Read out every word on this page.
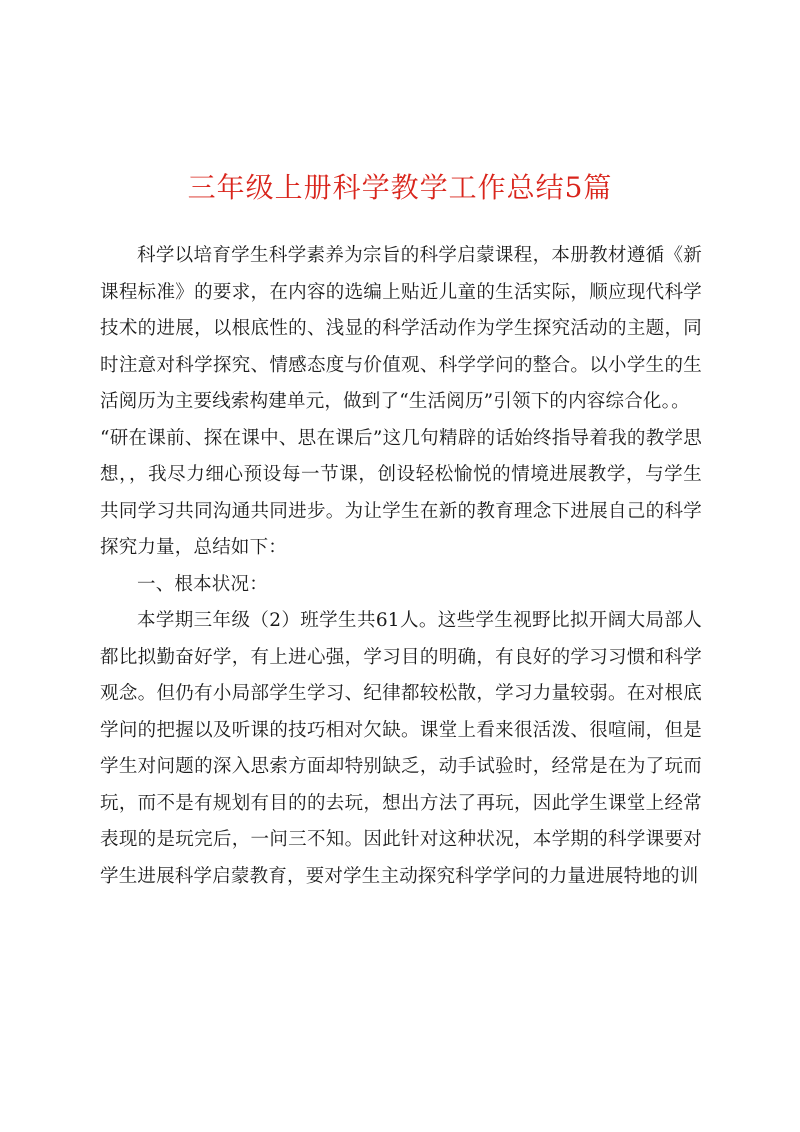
三年级上册科学教学工作总结5篇

科学以培育学生科学素养为宗旨的科学启蒙课程，本册教材遵循《新课程标准》的要求，在内容的选编上贴近儿童的生活实际，顺应现代科学技术的进展，以根底性的、浅显的科学活动作为学生探究活动的主题，同时注意对科学探究、情感态度与价值观、科学学问的整合。以小学生的生活阅历为主要线索构建单元，做到了“生活阅历”引领下的内容综合化。。

“研在课前、探在课中、思在课后”这几句精辟的话始终指导着我的教学思想，，我尽力细心预设每一节课，创设轻松愉悦的情境进展教学，与学生共同学习共同沟通共同进步。为让学生在新的教育理念下进展自己的科学探究力量，总结如下：

一、根本状况：

本学期三年级（2）班学生共61人。这些学生视野比拟开阔大局部人都比拟勤奋好学，有上进心强，学习目的明确，有良好的学习习惯和科学观念。但仍有小局部学生学习、纪律都较松散，学习力量较弱。在对根底学问的把握以及听课的技巧相对欠缺。课堂上看来很活泼、很喧闹，但是学生对问题的深入思索方面却特别缺乏，动手试验时，经常是在为了玩而玩，而不是有规划有目的的去玩，想出方法了再玩，因此学生课堂上经常表现的是玩完后，一问三不知。因此针对这种状况，本学期的科学课要对学生进展科学启蒙教育，要对学生主动探究科学学问的力量进展特地的训
